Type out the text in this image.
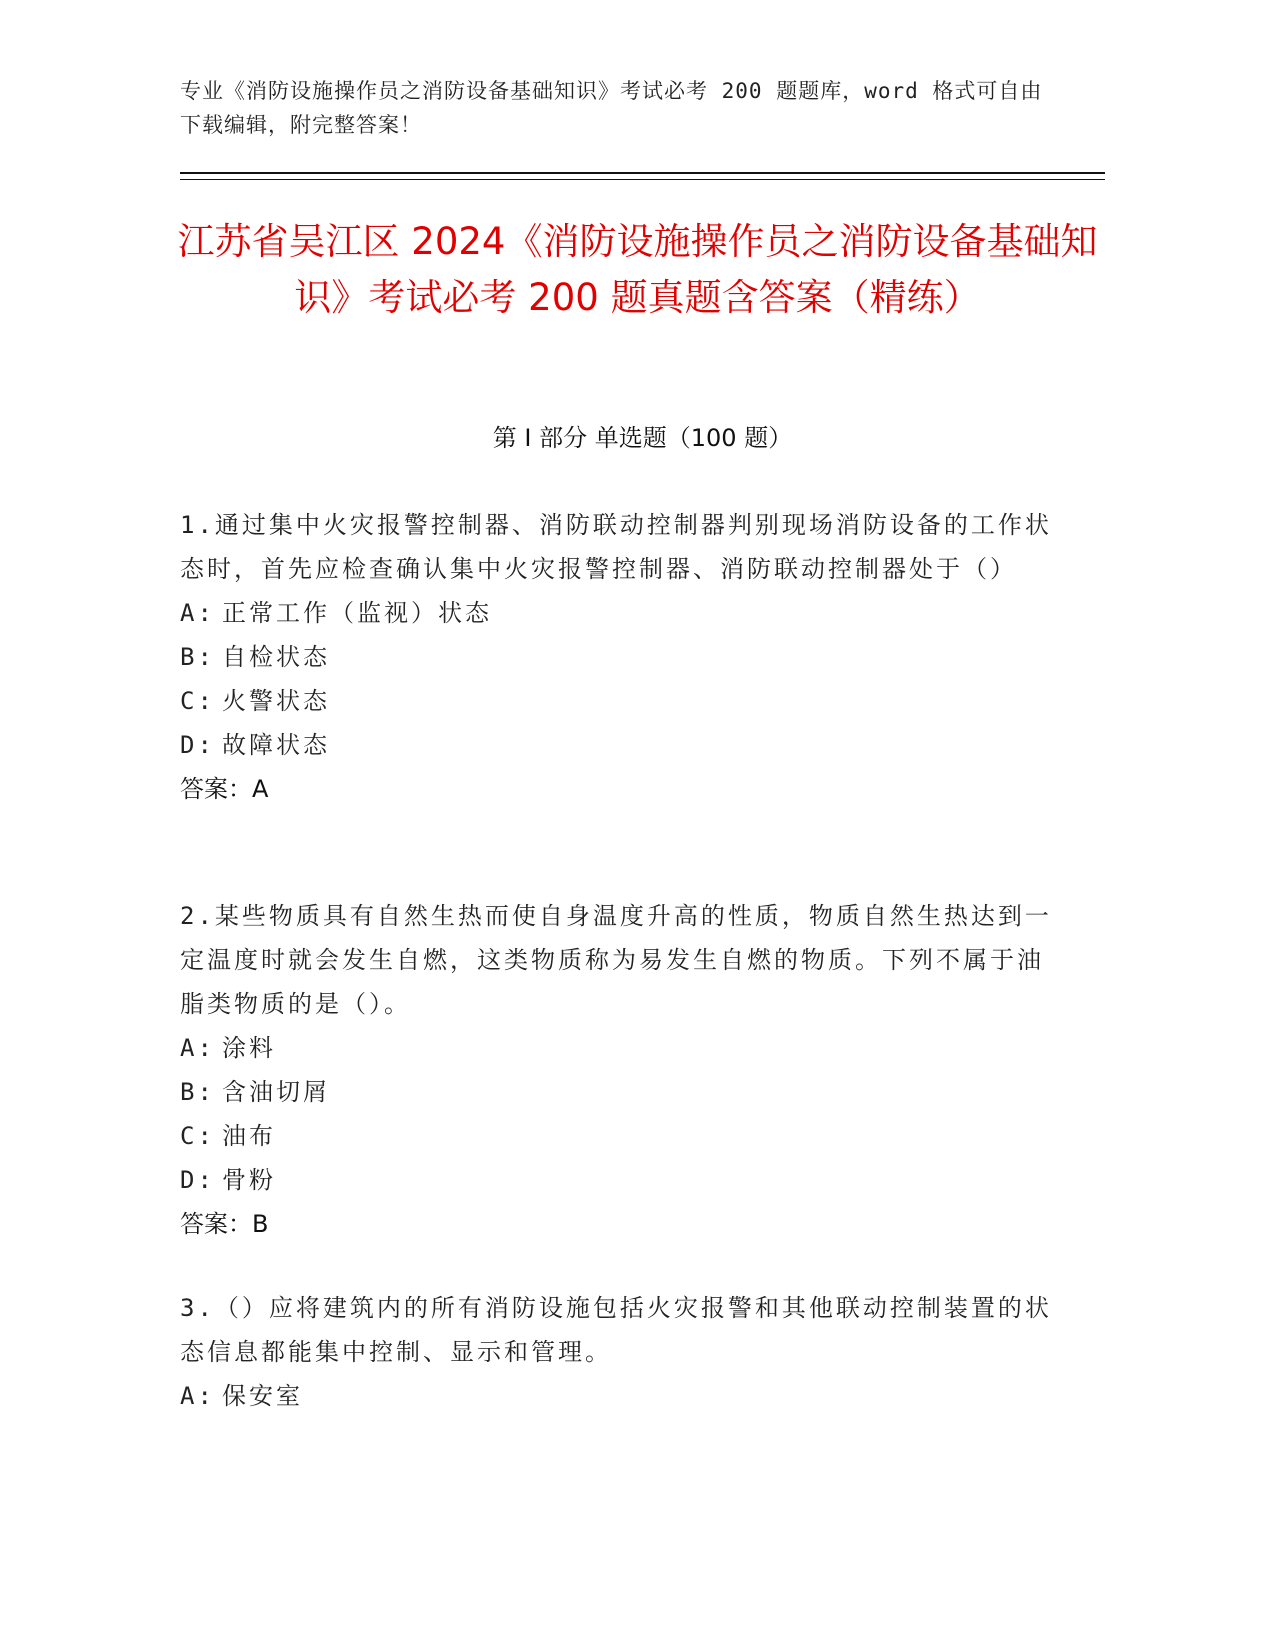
专业《消防设施操作员之消防设备基础知识》考试必考 200 题题库，word 格式可自由下载编辑，附完整答案！
江苏省吴江区 2024《消防设施操作员之消防设备基础知识》考试必考 200 题真题含答案（精练）
第 I 部分 单选题（100 题）
1.通过集中火灾报警控制器、消防联动控制器判别现场消防设备的工作状态时，首先应检查确认集中火灾报警控制器、消防联动控制器处于（）
A: 正常工作（监视）状态
B: 自检状态
C: 火警状态
D: 故障状态
答案：A
2.某些物质具有自然生热而使自身温度升高的性质，物质自然生热达到一定温度时就会发生自燃，这类物质称为易发生自燃的物质。下列不属于油脂类物质的是（）。
A: 涂料
B: 含油切屑
C: 油布
D: 骨粉
答案：B
3.（）应将建筑内的所有消防设施包括火灾报警和其他联动控制装置的状态信息都能集中控制、显示和管理。
A: 保安室
